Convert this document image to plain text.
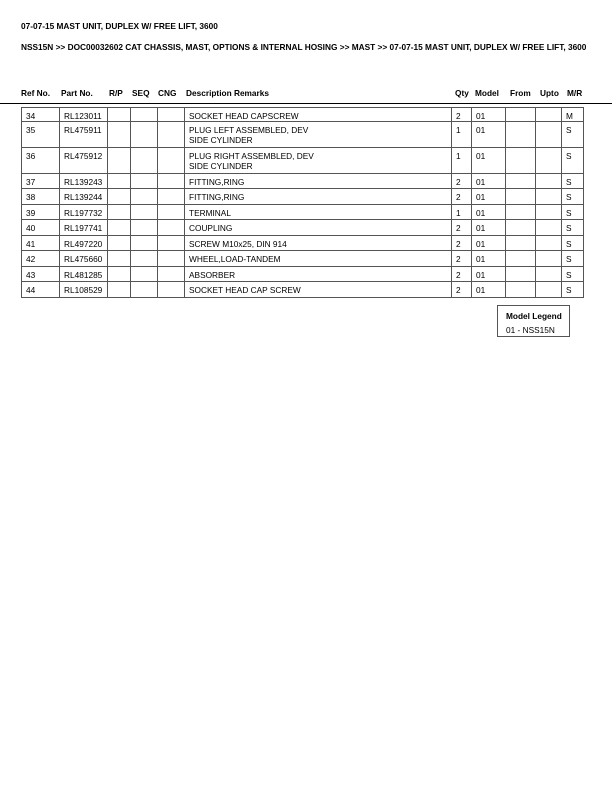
07-07-15 MAST UNIT, DUPLEX W/ FREE LIFT, 3600
NSS15N >> DOC00032602 CAT CHASSIS, MAST, OPTIONS & INTERNAL HOSING >> MAST >> 07-07-15 MAST UNIT, DUPLEX W/ FREE LIFT, 3600
Ref No. Part No. R/P SEQ CNG Description Remarks	Qty Model From Upto M/R
34	RL123011				SOCKET HEAD CAPSCREW	2	01			M
35	RL475911				PLUG LEFT ASSEMBLED, DEV
SIDE CYLINDER	1	01			S
36	RL475912				PLUG RIGHT ASSEMBLED, DEV
SIDE CYLINDER	1	01			S
37	RL139243				FITTING,RING	2	01			S
38	RL139244				FITTING,RING	2	01			S
39	RL197732				TERMINAL	1	01			S
40	RL197741				COUPLING	2	01			S
41	RL497220				SCREW M10x25, DIN 914	2	01			S
42	RL475660				WHEEL,LOAD-TANDEM	2	01			S
43	RL481285				ABSORBER	2	01			S
44	RL108529				SOCKET HEAD CAP SCREW	2	01			S
Model Legend
01 - NSS15N
